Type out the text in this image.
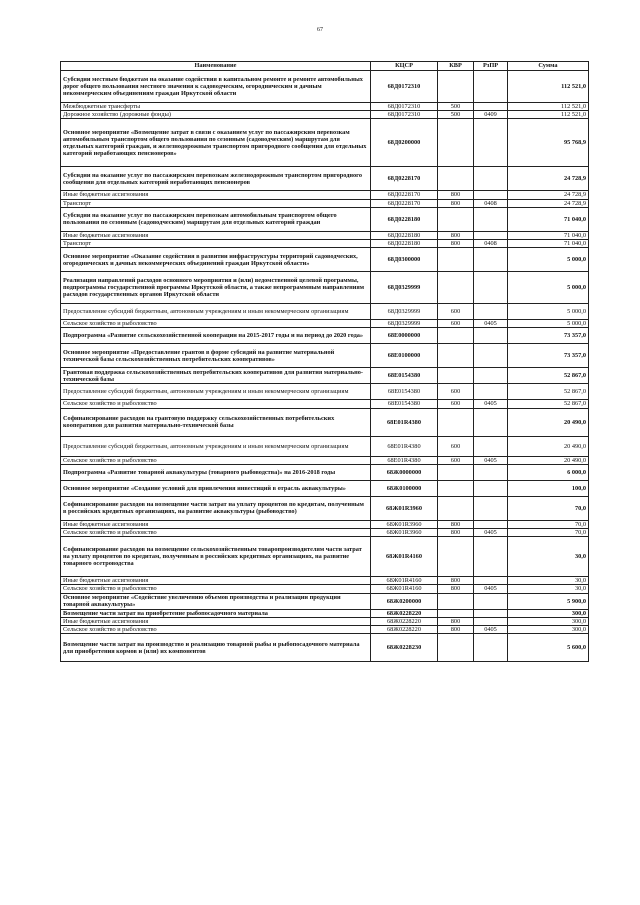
67
Наименование	КЦСР	КВР	РзПР	Сумма
Субсидии местным бюджетам на оказание содействия в капитальном ремонте и ремонте автомобильных дорог общего пользования местного значения к садоводческим, огородническим и дачным некоммерческим объединениям граждан Иркутской области	68Д0172310			112 521,0
Межбюджетные трансферты	68Д0172310	500		112 521,0
Дорожное хозяйство (дорожные фонды)	68Д0172310	500	0409	112 521,0
Основное мероприятие «Возмещение затрат в связи с оказанием услуг по пассажирским перевозкам автомобильным транспортом общего пользования по сезонным (садоводческим) маршрутам для отдельных категорий граждан, и железнодорожным транспортом пригородного сообщения для отдельных категорий неработающих пенсионеров»	68Д0200000			95 768,9
Субсидии на оказание услуг по пассажирским перевозкам железнодорожным транспортом пригородного сообщения для отдельных категорий неработающих пенсионеров	68Д0228170			24 728,9
Иные бюджетные ассигнования	68Д0228170	800		24 728,9
Транспорт	68Д0228170	800	0408	24 728,9
Субсидии на оказание услуг по пассажирским перевозкам автомобильным транспортом общего пользования по сезонным (садоводческим) маршрутам для отдельных категорий граждан	68Д0228180			71 040,0
Иные бюджетные ассигнования	68Д0228180	800		71 040,0
Транспорт	68Д0228180	800	0408	71 040,0
Основное мероприятие «Оказание содействия в развитии инфраструктуры территорий садоводческих, огороднических и дачных некоммерческих объединений граждан Иркутской области»	68Д0300000			5 000,0
Реализация направлений расходов основного мероприятия и (или) ведомственной целевой программы, подпрограммы государственной программы Иркутской области, а также непрограммным направлениям расходов государственных органов Иркутской области	68Д0329999			5 000,0
Предоставление субсидий бюджетным, автономным учреждениям и иным некоммерческим организациям	68Д0329999	600		5 000,0
Сельское хозяйство и рыболовство	68Д0329999	600	0405	5 000,0
Подпрограмма «Развитие сельскохозяйственной кооперации на 2015-2017 годы и на период до 2020 года»	68Е0000000			73 357,0
Основное мероприятие «Предоставление грантов в форме субсидий на развитие материальной технической базы сельскохозяйственных потребительских кооперативов»	68Е0100000			73 357,0
Грантовая поддержка сельскохозяйственных потребительских кооперативов для развития материально-технической базы	68Е0154380			52 867,0
Предоставление субсидий бюджетным, автономным учреждениям и иным некоммерческим организациям	68Е0154380	600		52 867,0
Сельское хозяйство и рыболовство	68Е0154380	600	0405	52 867,0
Софинансирование расходов на грантовую поддержку сельскохозяйственных потребительских кооперативов для развития материально-технической базы	68Е01R4380			20 490,0
Предоставление субсидий бюджетным, автономным учреждениям и иным некоммерческим организациям	68Е01R4380	600		20 490,0
Сельское хозяйство и рыболовство	68Е01R4380	600	0405	20 490,0
Подпрограмма «Развитие товарной аквакультуры (товарного рыбоводства)» на 2016-2018 годы	68Ж0000000			6 000,0
Основное мероприятие «Создание условий для привлечения инвестиций в отрасль аквакультуры»	68Ж0100000			100,0
Софинансирование расходов на возмещение части затрат на уплату процентов по кредитам, полученным в российских кредитных организациях, на развитие аквакультуры (рыбоводство)	68Ж01R3960			70,0
Иные бюджетные ассигнования	68Ж01R3960	800		70,0
Сельское хозяйство и рыболовство	68Ж01R3960	800	0405	70,0
Софинансирование расходов на возмещение сельскохозяйственным товаропроизводителям части затрат на уплату процентов по кредитам, полученным в российских кредитных организациях, на развитие товарного осетроводства	68Ж01R4160			30,0
Иные бюджетные ассигнования	68Ж01R4160	800		30,0
Сельское хозяйство и рыболовство	68Ж01R4160	800	0405	30,0
Основное мероприятие «Содействие увеличению объемов производства и реализации продукции товарной аквакультуры»	68Ж0200000			5 900,0
Возмещение части затрат на приобретение рыбопосадочного материала	68Ж0228220			300,0
Иные бюджетные ассигнования	68Ж0228220	800		300,0
Сельское хозяйство и рыболовство	68Ж0228220	800	0405	300,0
Возмещение части затрат на производство и реализацию товарной рыбы и рыбопосадочного материала для приобретения кормов и (или) их компонентов	68Ж0228230			5 600,0
